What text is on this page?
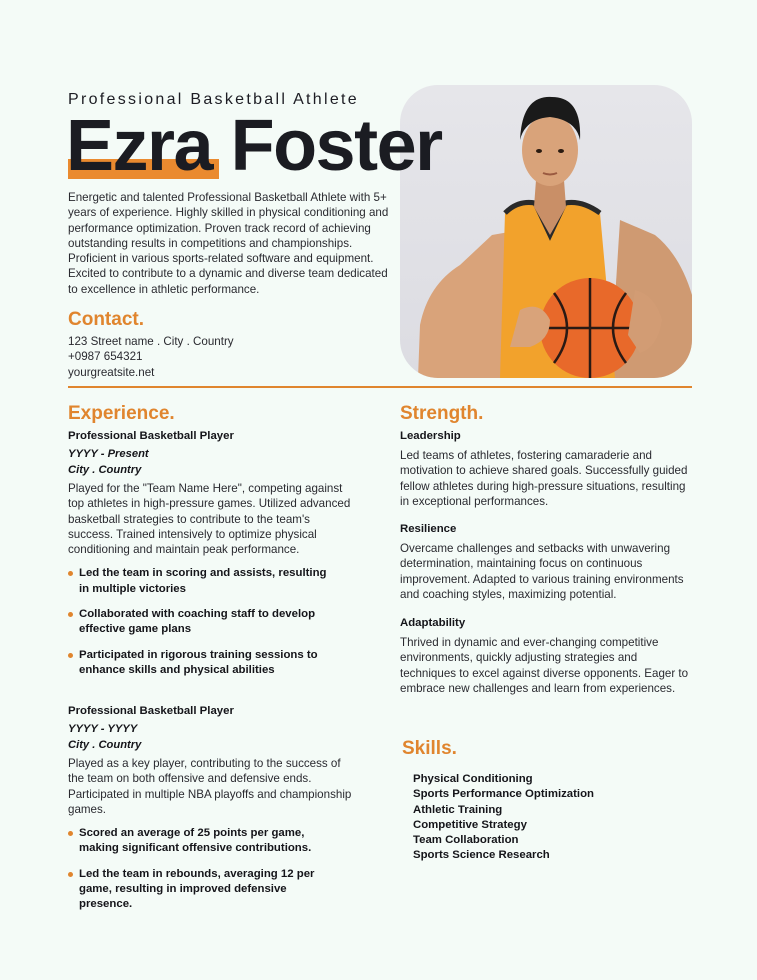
Professional Basketball Athlete
Ezra Foster
Energetic and talented Professional Basketball Athlete with 5+ years of experience. Highly skilled in physical conditioning and performance optimization. Proven track record of achieving outstanding results in competitions and championships. Proficient in various sports-related software and equipment. Excited to contribute to a dynamic and diverse team dedicated to excellence in athletic performance.
Contact.
123 Street name . City . Country
+0987 654321
yourgreatsite.net
Experience.
Professional Basketball Player
YYYY - Present
City . Country
Played for the "Team Name Here", competing against top athletes in high-pressure games. Utilized advanced basketball strategies to contribute to the team's success. Trained intensively to optimize physical conditioning and maintain peak performance.
Led the team in scoring and assists, resulting in multiple victories
Collaborated with coaching staff to develop effective game plans
Participated in rigorous training sessions to enhance skills and physical abilities
Professional Basketball Player
YYYY - YYYY
City . Country
Played as a key player, contributing to the success of the team on both offensive and defensive ends. Participated in multiple NBA playoffs and championship games.
Scored an average of 25 points per game, making significant offensive contributions.
Led the team in rebounds, averaging 12 per game, resulting in improved defensive presence.
Strength.
Leadership
Led teams of athletes, fostering camaraderie and motivation to achieve shared goals. Successfully guided fellow athletes during high-pressure situations, resulting in exceptional performances.
Resilience
Overcame challenges and setbacks with unwavering determination, maintaining focus on continuous improvement. Adapted to various training environments and coaching styles, maximizing potential.
Adaptability
Thrived in dynamic and ever-changing competitive environments, quickly adjusting strategies and techniques to excel against diverse opponents. Eager to embrace new challenges and learn from experiences.
Skills.
Physical Conditioning
Sports Performance Optimization
Athletic Training
Competitive Strategy
Team Collaboration
Sports Science Research
